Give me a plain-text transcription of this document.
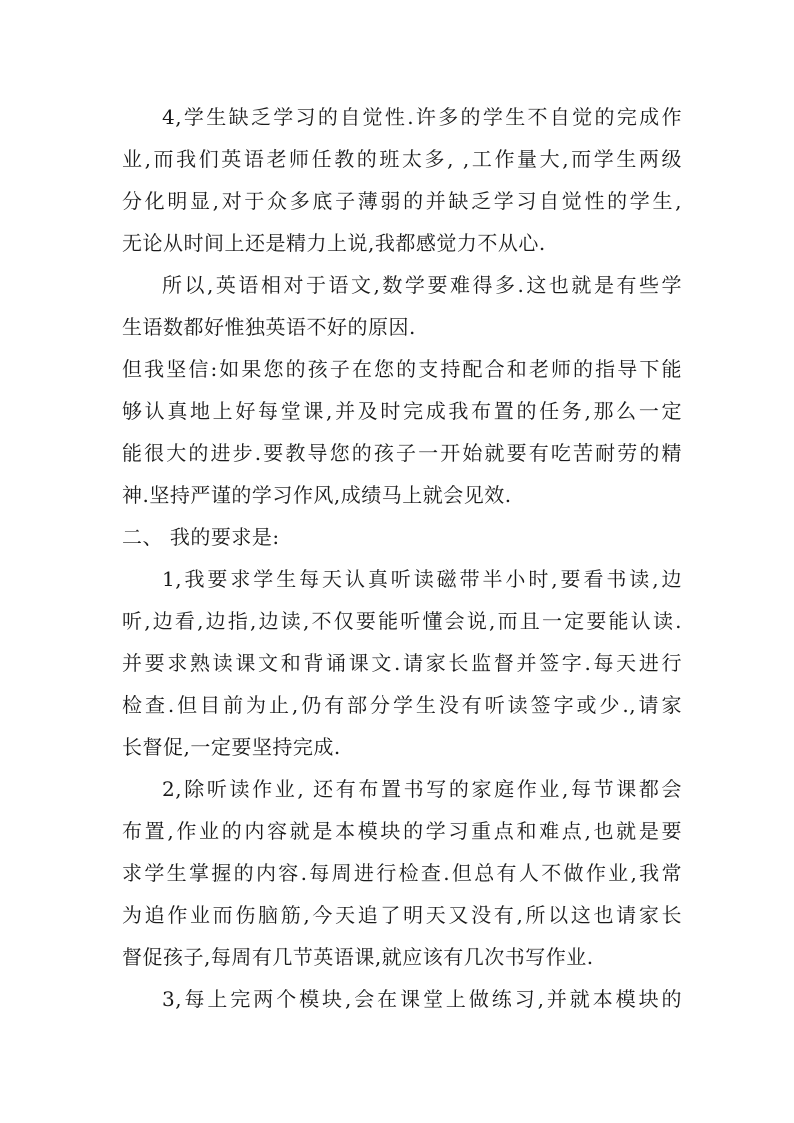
4,学生缺乏学习的自觉性.许多的学生不自觉的完成作
业,而我们英语老师任教的班太多, ,工作量大,而学生两级
分化明显,对于众多底子薄弱的并缺乏学习自觉性的学生,
无论从时间上还是精力上说,我都感觉力不从心.
所以,英语相对于语文,数学要难得多.这也就是有些学
生语数都好惟独英语不好的原因.
但我坚信:如果您的孩子在您的支持配合和老师的指导下能
够认真地上好每堂课,并及时完成我布置的任务,那么一定
能很大的进步.要教导您的孩子一开始就要有吃苦耐劳的精
神.坚持严谨的学习作风,成绩马上就会见效.
二、 我的要求是:
1,我要求学生每天认真听读磁带半小时,要看书读,边
听,边看,边指,边读,不仅要能听懂会说,而且一定要能认读.
并要求熟读课文和背诵课文.请家长监督并签字.每天进行
检查.但目前为止,仍有部分学生没有听读签字或少.,请家
长督促,一定要坚持完成.
2,除听读作业, 还有布置书写的家庭作业,每节课都会
布置,作业的内容就是本模块的学习重点和难点,也就是要
求学生掌握的内容.每周进行检查.但总有人不做作业,我常
为追作业而伤脑筋,今天追了明天又没有,所以这也请家长
督促孩子,每周有几节英语课,就应该有几次书写作业.
3,每上完两个模块,会在课堂上做练习,并就本模块的
